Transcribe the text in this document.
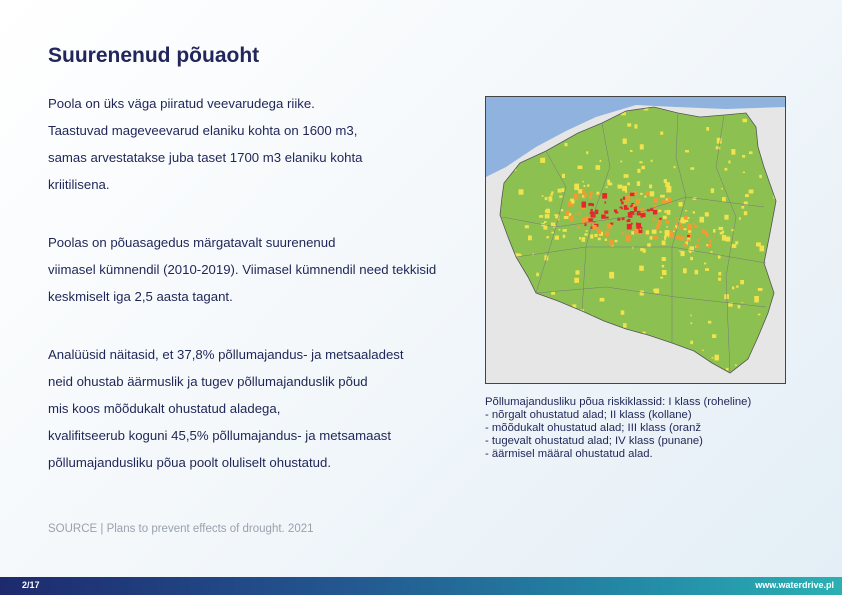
Suurenenud põuaoht
Poola on üks väga piiratud veevarudega riike.
Taastuvad mageveevarud elaniku kohta on 1600 m3,
samas arvestatakse juba taset 1700 m3 elaniku kohta
kriitilisena.
Poolas on põuasagedus märgatavalt suurenenud
viimasel kümnendil (2010-2019). Viimasel kümnendil need tekkisid
keskmiselt iga 2,5 aasta tagant.
Analüüsid näitasid, et 37,8% põllumajandus- ja metsaaladest
neid ohustab äärmuslik ja tugev põllumajanduslik põud
mis koos mõõdukalt ohustatud aladega,
kvalifitseerub koguni 45,5% põllumajandus- ja metsamaast
põllumajandusliku põua poolt oluliselt ohustatud.
SOURCE | Plans to prevent effects of drought. 2021
Põllumajandusliku põua riskiklassid: I klass (roheline)
- nõrgalt ohustatud alad; II klass (kollane)
- mõõdukalt ohustatud alad; III klass (oranž
- tugevalt ohustatud alad; IV klass (punane)
- äärmisel määral ohustatud alad.
2/17	www.waterdrive.pl
